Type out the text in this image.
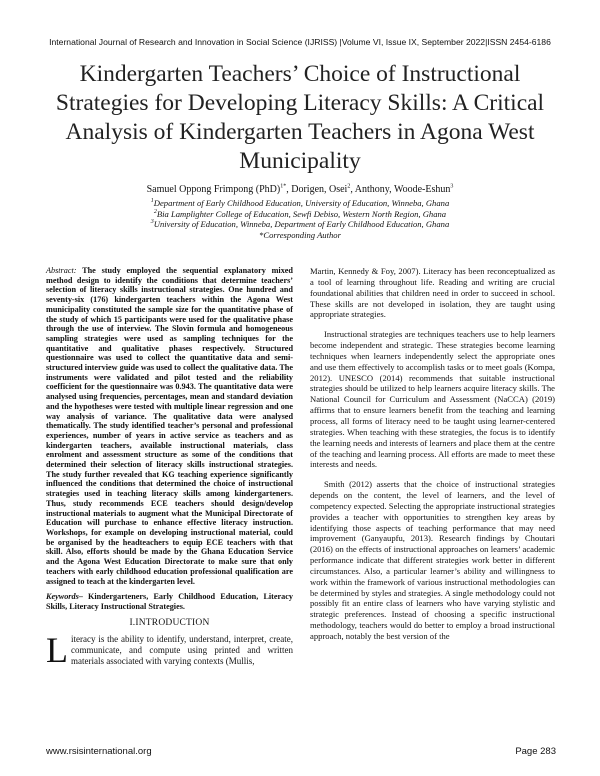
International Journal of Research and Innovation in Social Science (IJRISS) |Volume VI, Issue IX, September 2022|ISSN 2454-6186
Kindergarten Teachers’ Choice of Instructional Strategies for Developing Literacy Skills: A Critical Analysis of Kindergarten Teachers in Agona West Municipality
Samuel Oppong Frimpong (PhD)$^{1*}$, Dorigen, Osei$^2$, Anthony, Woode-Eshun$^3$
$^1$Department of Early Childhood Education, University of Education, Winneba, Ghana
$^2$Bia Lamplighter College of Education, Sewfi Debiso, Western North Region, Ghana
$^3$University of Education, Winneba, Department of Early Childhood Education, Ghana
*Corresponding Author
Abstract: The study employed the sequential explanatory mixed method design to identify the conditions that determine teachers’ selection of literacy skills instructional strategies. One hundred and seventy-six (176) kindergarten teachers within the Agona West municipality constituted the sample size for the quantitative phase of the study of which 15 participants were used for the qualitative phase through the use of interview. The Slovin formula and homogeneous sampling strategies were used as sampling techniques for the quantitative and qualitative phases respectively. Structured questionnaire was used to collect the quantitative data and semi-structured interview guide was used to collect the qualitative data. The instruments were validated and pilot tested and the reliability coefficient for the questionnaire was 0.943. The quantitative data were analysed using frequencies, percentages, mean and standard deviation and the hypotheses were tested with multiple linear regression and one way analysis of variance. The qualitative data were analysed thematically. The study identified teacher’s personal and professional experiences, number of years in active service as teachers and as kindergarten teachers, available instructional materials, class enrolment and assessment structure as some of the conditions that determined their selection of literacy skills instructional strategies. The study further revealed that KG teaching experience significantly influenced the conditions that determined the choice of instructional strategies used in teaching literacy skills among kindergarteners. Thus, study recommends ECE teachers should design/develop instructional materials to augment what the Municipal Directorate of Education will purchase to enhance effective literacy instruction. Workshops, for example on developing instructional material, could be organised by the headteachers to equip ECE teachers with that skill. Also, efforts should be made by the Ghana Education Service and the Agona West Education Directorate to make sure that only teachers with early childhood education professional qualification are assigned to teach at the kindergarten level.
Keywords– Kindergarteners, Early Childhood Education, Literacy Skills, Literacy Instructional Strategies.
I.INTRODUCTION
Literacy is the ability to identify, understand, interpret, create, communicate, and compute using printed and written materials associated with varying contexts (Mullis,

Martin, Kennedy & Foy, 2007). Literacy has been reconceptualized as a tool of learning throughout life. Reading and writing are crucial foundational abilities that children need in order to succeed in school. These skills are not developed in isolation, they are taught using appropriate strategies.

Instructional strategies are techniques teachers use to help learners become independent and strategic. These strategies become learning techniques when learners independently select the appropriate ones and use them effectively to accomplish tasks or to meet goals (Kompa, 2012). UNESCO (2014) recommends that suitable instructional strategies should be utilized to help learners acquire literacy skills. The National Council for Curriculum and Assessment (NaCCA) (2019) affirms that to ensure learners benefit from the teaching and learning process, all forms of literacy need to be taught using learner-centered strategies. When teaching with these strategies, the focus is to identify the learning needs and interests of learners and place them at the centre of the teaching and learning process. All efforts are made to meet these interests and needs.

Smith (2012) asserts that the choice of instructional strategies depends on the content, the level of learners, and the level of competency expected. Selecting the appropriate instructional strategies provides a teacher with opportunities to strengthen key areas by identifying those aspects of teaching performance that may need improvement (Ganyaupfu, 2013). Research findings by Choutari (2016) on the effects of instructional approaches on learners’ academic performance indicate that different strategies work better in different circumstances. Also, a particular learner’s ability and willingness to work within the framework of various instructional methodologies can be determined by styles and strategies. A single methodology could not possibly fit an entire class of learners who have varying stylistic and strategic preferences. Instead of choosing a specific instructional methodology, teachers would do better to employ a broad instructional approach, notably the best version of the

www.rsisinternational.org	Page 283
